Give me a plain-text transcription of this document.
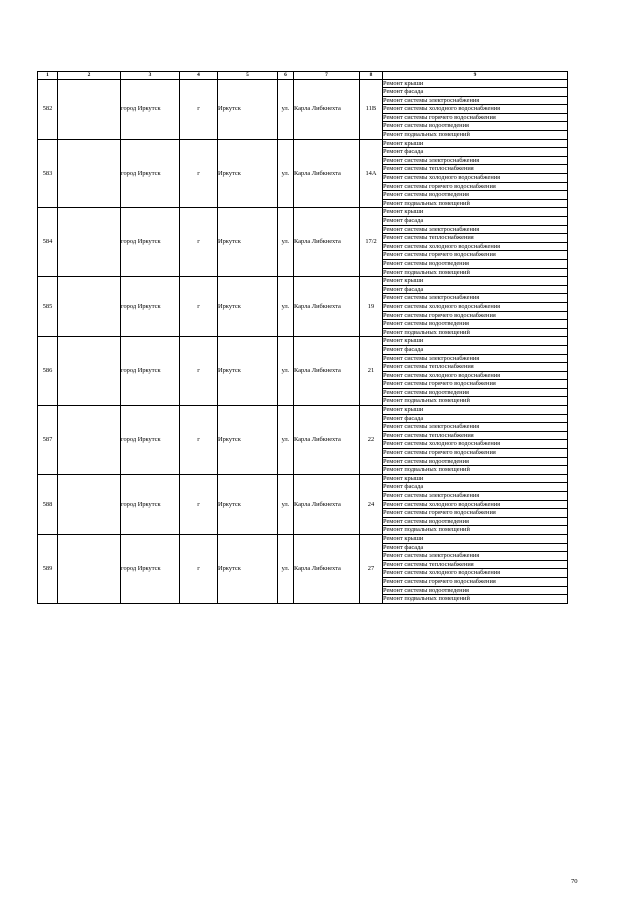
1	2	3	4	5	6	7	8	9
582		город Иркутск	г	Иркутск	ул.	Карла Либкнехта	11В	Ремонт крыши
								Ремонт фасада
								Ремонт системы электроснабжения
								Ремонт системы холодного водоснабжения
								Ремонт системы горячего водоснабжения
								Ремонт системы водоотведения
								Ремонт подвальных помещений
583		город Иркутск	г	Иркутск	ул.	Карла Либкнехта	14А	Ремонт крыши
								Ремонт фасада
								Ремонт системы электроснабжения
								Ремонт системы теплоснабжения
								Ремонт системы холодного водоснабжения
								Ремонт системы горячего водоснабжения
								Ремонт системы водоотведения
								Ремонт подвальных помещений
584		город Иркутск	г	Иркутск	ул.	Карла Либкнехта	17/2	Ремонт крыши
								Ремонт фасада
								Ремонт системы электроснабжения
								Ремонт системы теплоснабжения
								Ремонт системы холодного водоснабжения
								Ремонт системы горячего водоснабжения
								Ремонт системы водоотведения
								Ремонт подвальных помещений
585		город Иркутск	г	Иркутск	ул.	Карла Либкнехта	19	Ремонт крыши
								Ремонт фасада
								Ремонт системы электроснабжения
								Ремонт системы холодного водоснабжения
								Ремонт системы горячего водоснабжения
								Ремонт системы водоотведения
								Ремонт подвальных помещений
586		город Иркутск	г	Иркутск	ул.	Карла Либкнехта	21	Ремонт крыши
								Ремонт фасада
								Ремонт системы электроснабжения
								Ремонт системы теплоснабжения
								Ремонт системы холодного водоснабжения
								Ремонт системы горячего водоснабжения
								Ремонт системы водоотведения
								Ремонт подвальных помещений
587		город Иркутск	г	Иркутск	ул.	Карла Либкнехта	22	Ремонт крыши
								Ремонт фасада
								Ремонт системы электроснабжения
								Ремонт системы теплоснабжения
								Ремонт системы холодного водоснабжения
								Ремонт системы горячего водоснабжения
								Ремонт системы водоотведения
								Ремонт подвальных помещений
588		город Иркутск	г	Иркутск	ул.	Карла Либкнехта	24	Ремонт крыши
								Ремонт фасада
								Ремонт системы электроснабжения
								Ремонт системы холодного водоснабжения
								Ремонт системы горячего водоснабжения
								Ремонт системы водоотведения
								Ремонт подвальных помещений
589		город Иркутск	г	Иркутск	ул.	Карла Либкнехта	27	Ремонт крыши
								Ремонт фасада
								Ремонт системы электроснабжения
								Ремонт системы теплоснабжения
								Ремонт системы холодного водоснабжения
								Ремонт системы горячего водоснабжения
								Ремонт системы водоотведения
								Ремонт подвальных помещений
70
